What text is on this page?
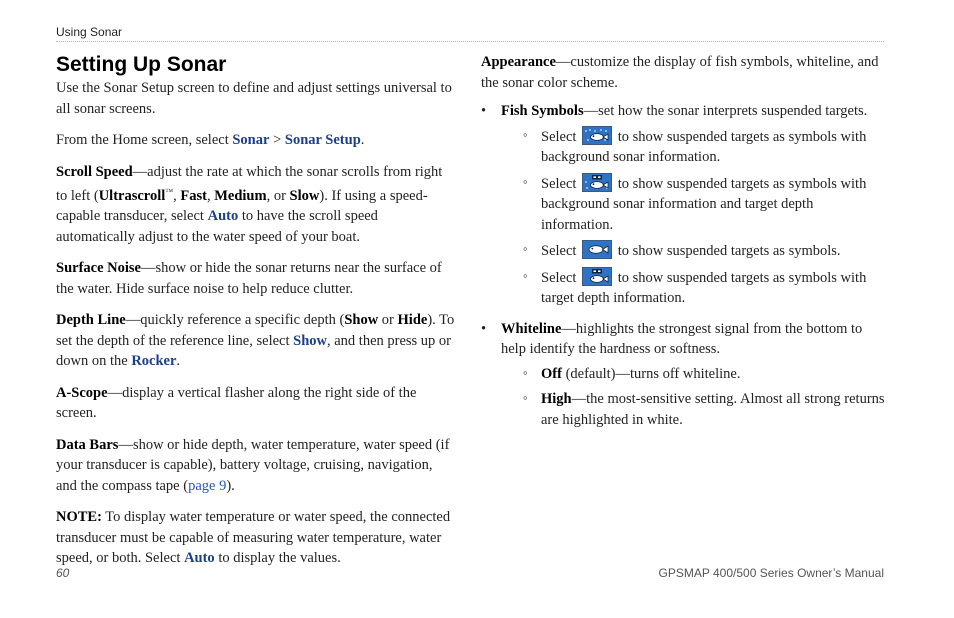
Using Sonar
Setting Up Sonar

Use the Sonar Setup screen to define and adjust settings universal to all sonar screens.

From the Home screen, select Sonar > Sonar Setup.

Scroll Speed—adjust the rate at which the sonar scrolls from right to left (Ultrascroll™, Fast, Medium, or Slow). If using a speed-capable transducer, select Auto to have the scroll speed automatically adjust to the water speed of your boat.

Surface Noise—show or hide the sonar returns near the surface of the water. Hide surface noise to help reduce clutter.

Depth Line—quickly reference a specific depth (Show or Hide). To set the depth of the reference line, select Show, and then press up or down on the Rocker.

A-Scope—display a vertical flasher along the right side of the screen.

Data Bars—show or hide depth, water temperature, water speed (if your transducer is capable), battery voltage, cruising, navigation, and the compass tape (page 9).

NOTE: To display water temperature or water speed, the connected transducer must be capable of measuring water temperature, water speed, or both. Select Auto to display the values.

Appearance—customize the display of fish symbols, whiteline, and the sonar color scheme.

• Fish Symbols—set how the sonar interprets suspended targets.
◦ Select
to show suspended targets as symbols with background sonar information.
◦ Select
to show suspended targets as symbols with background sonar information and target depth information.
◦ Select
to show suspended targets as symbols.
◦ Select
to show suspended targets as symbols with target depth information.
• Whiteline—highlights the strongest signal from the bottom to help identify the hardness or softness.
◦ Off (default)—turns off whiteline.
◦ High—the most-sensitive setting. Almost all strong returns are highlighted in white.
60	GPSMAP 400/500 Series Owner’s Manual
